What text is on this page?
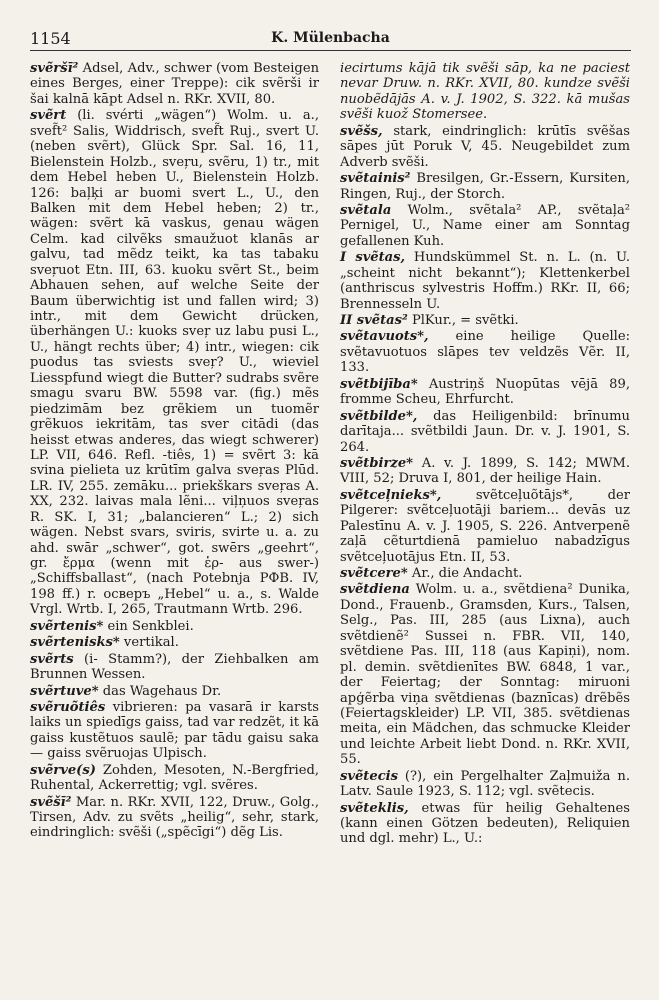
1154	K. Mülenbacha

svẽršī² Adsel, Adv., schwer (vom Besteigen eines Berges, einer Treppe): cik svẽrši ir šai kalnā kāpt Adsel n. RKr. XVII, 80.

svẽrt (li. svérti „wägen“) Wolm. u. a., svef̃t² Salis, Widdrisch, svef̃t Ruj., svert U. (neben svẽrt), Glück Spr. Sal. 16, 11, Bielenstein Holzb., sveŗu, svẽru, 1) tr., mit dem Hebel heben U., Bielenstein Holzb. 126: baļķi ar buomi svert L., U., den Balken mit dem Hebel heben; 2) tr., wägen: svẽrt kā vaskus, genau wägen Celm. kad cilvẽks smaužuot klanās ar galvu, tad mẽdz teikt, ka tas tabaku sveŗuot Etn. III, 63. kuoku svẽrt St., beim Abhauen sehen, auf welche Seite der Baum überwichtig ist und fallen wird; 3) intr., mit dem Gewicht drücken, überhängen U.: kuoks sveŗ uz labu pusi L., U., hängt rechts über; 4) intr., wiegen: cik puodus tas sviests sveŗ? U., wieviel Liesspfund wiegt die Butter? sudrabs svẽre smagu svaru BW. 5598 var. (fig.) mẽs piedzimām bez grẽkiem un tuomẽr grẽkuos iekritām, tas sver citādi (das heisst etwas anderes, das wiegt schwerer) LP. VII, 646. Refl. -tiês, 1) = svẽrt 3: kā svina pielieta uz krūtīm galva sveŗas Plūd. LR. IV, 255. zemāku... priekškars sveŗas A. XX, 232. laivas mala lẽni... viļņuos sveŗas R. SK. I, 31; „balancieren“ L.; 2) sich wägen. Nebst svars, sviris, svirte u. a. zu ahd. swār „schwer“, got. swērs „geehrt“, gr. ἔρμα (wenn mit ἑρ- aus swer-) „Schiffsballast“, (nach Potebnja PФВ. IV, 198 ff.) r. осверъ „Hebel“ u. a., s. Walde Vrgl. Wrtb. I, 265, Trautmann Wrtb. 296.

svẽrtenis* ein Senkblei.

svẽrtenisks* vertikal.

svẽrts (i- Stamm?), der Ziehbalken am Brunnen Wessen.

svẽrtuve* das Wagehaus Dr.

svẽruõtiês vibrieren: pa vasarā ir karsts laiks un spiedīgs gaiss, tad var redzẽt, it kā gaiss kustẽtuos saulẽ; par tādu gaisu saka — gaiss svẽruojas Ulpisch.

svẽrve(s) Zohden, Mesoten, N.-Bergfried, Ruhental, Ackerrettig; vgl. svẽres.

svẽšī² Mar. n. RKr. XVII, 122, Druw., Golg., Tirsen, Adv. zu svẽts „heilig“, sehr, stark, eindringlich: svẽši („spẽcīgi“) dẽg Lis.

iecirtums kājā tik svẽši sāp, ka ne paciest nevar Druw. n. RKr. XVII, 80. kundze svẽši nuobẽdājās A. v. J. 1902, S. 322. kā mušas svẽši kuož Stomersee.

svẽšs, stark, eindringlich: krūtīs svẽšas sāpes jūt Poruk V, 45. Neugebildet zum Adverb svẽši.

svẽtainis² Bresilgen, Gr.-Essern, Kursiten, Ringen, Ruj., der Storch.

svẽtala Wolm., svẽtala² AP., svẽtaļa² Pernigel, U., Name einer am Sonntag gefallenen Kuh.

I svẽtas, Hundskümmel St. n. L. (n. U. „scheint nicht bekannt“); Klettenkerbel (anthriscus sylvestris Hoffm.) RKr. II, 66; Brennesseln U.

II svẽtas² PlKur., = svẽtki.

svẽtavuots*, eine heilige Quelle: svẽtavuotuos slāpes tev veldzẽs Vẽr. II, 133.

svẽtbijība* Austriņš Nuopūtas vējā 89, fromme Scheu, Ehrfurcht.

svẽtbilde*, das Heiligenbild: brīnumu darītaja... svẽtbildi Jaun. Dr. v. J. 1901, S. 264.

svẽtbirze* A. v. J. 1899, S. 142; MWM. VIII, 52; Druva I, 801, der heilige Hain.

svẽtceļnieks*,	svẽtceļuõtājs*, der Pilgerer: svẽtceļuotāji bariem... devās uz Palestīnu A. v. J. 1905, S. 226. Antverpenẽ zaļā cẽturtdienā pamieluo nabadzīgus svẽtceļuotājus Etn. II, 53.

svẽtcere* Ar., die Andacht.

svẽtdiena Wolm. u. a., svẽtdiena² Dunika, Dond., Frauenb., Gramsden, Kurs., Talsen, Selg., Pas. III, 285 (aus Lixna), auch svẽtdienẽ² Sussei n. FBR. VII, 140, svẽtdiene Pas. III, 118 (aus Kapiņi), nom. pl. demin. svẽtdienītes BW. 6848, 1 var., der Feiertag; der Sonntag: miruoni apģẽrba viņa svẽtdienas (baznīcas) drẽbẽs (Feiertagskleider) LP. VII, 385. svẽtdienas meita, ein Mädchen, das schmucke Kleider und leichte Arbeit liebt Dond. n. RKr. XVII, 55.

svẽtecis (?), ein Pergelhalter Zaļmuiža n. Latv. Saule 1923, S. 112; vgl. svẽtecis.

svẽteklis, etwas für heilig Gehaltenes (kann einen Götzen bedeuten), Reliquien und dgl. mehr) L., U.:
